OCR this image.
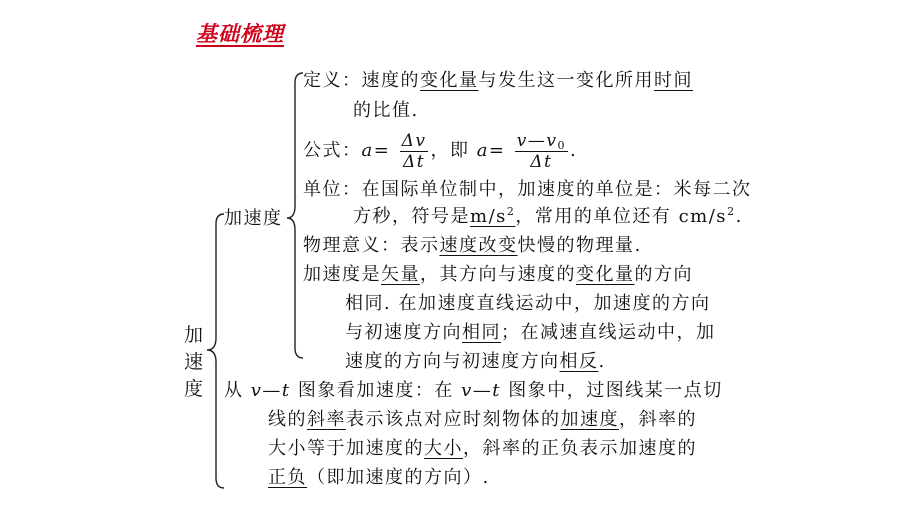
基础梳理
加速度
加速度
定义：速度的变化量与发生这一变化所用时间
的比值.
公式：$a= \frac{\Delta v}{\Delta t}$ ，即 $a= \frac{v—v_0}{\Delta t}$ .
单位：在国际单位制中，加速度的单位是：米每二次
方秒，符号是$m/s^2$，常用的单位还有 $cm/s^2$.
物理意义：表示速度改变快慢的物理量.
加速度是矢量，其方向与速度的变化量的方向
相同. 在加速度直线运动中，加速度的方向
与初速度方向相同；在减速直线运动中，加
速度的方向与初速度方向相反.
从 v—t 图象看加速度：在 v—t 图象中，过图线某一点切
线的斜率表示该点对应时刻物体的加速度，斜率的
大小等于加速度的大小，斜率的正负表示加速度的
正负（即加速度的方向）.
